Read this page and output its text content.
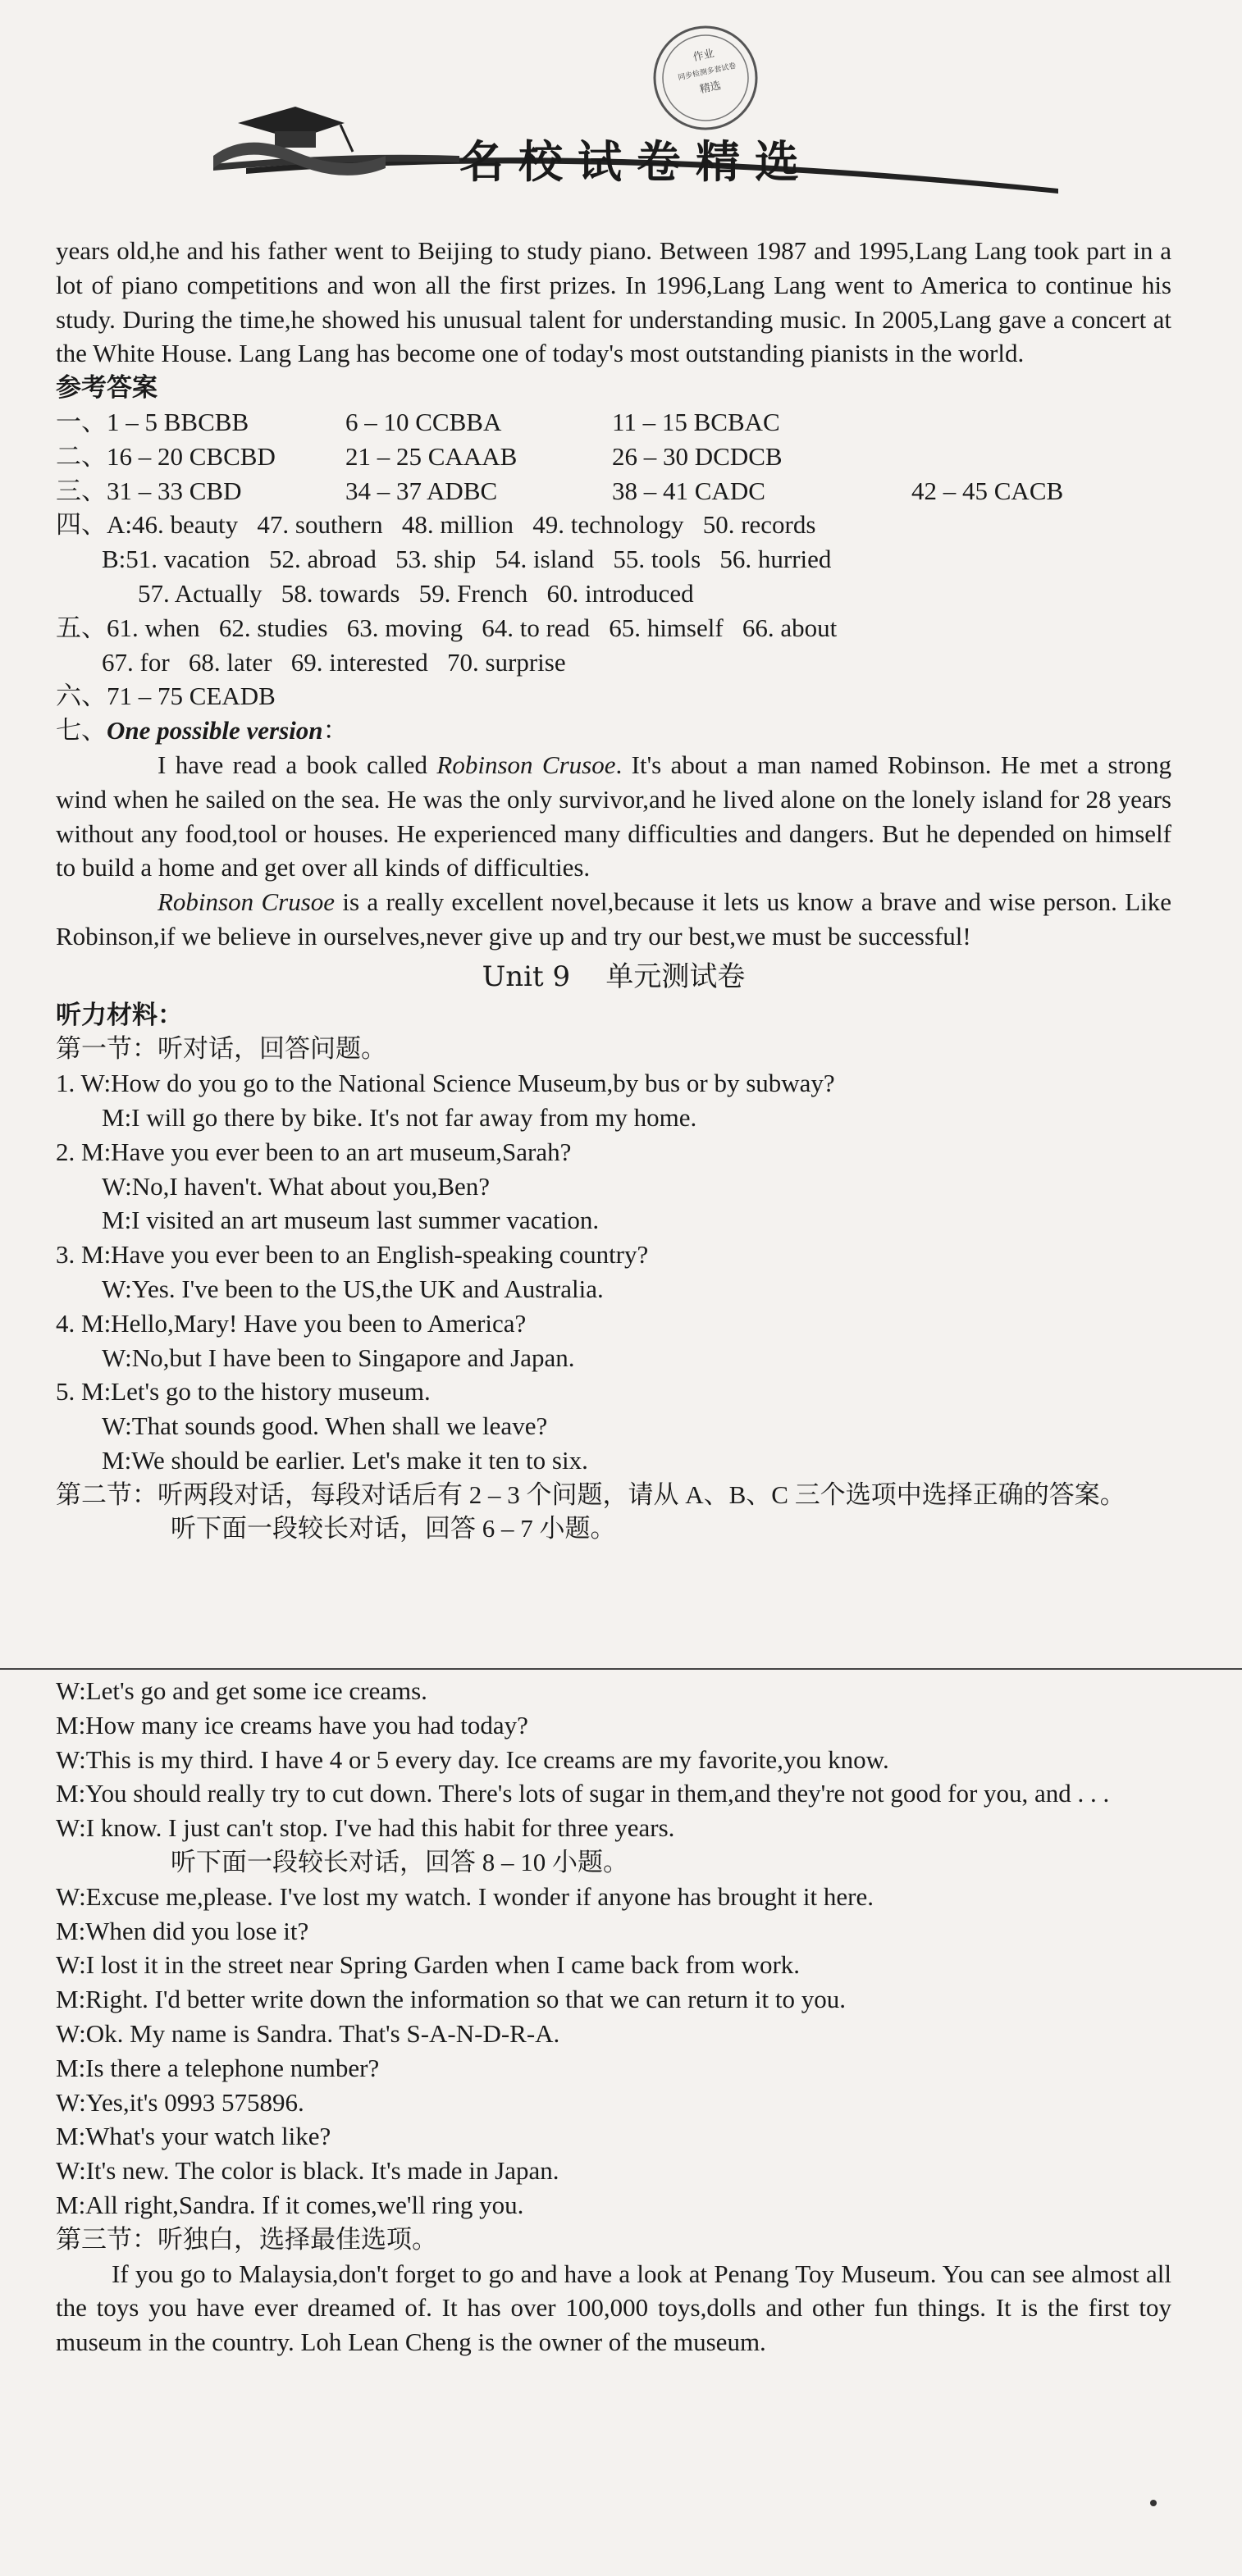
作业
同步检测多套试卷
精选
名校试卷精选

years old,he and his father went to Beijing to study piano. Between 1987 and 1995,Lang Lang took part in a lot of piano competitions and won all the first prizes. In 1996,Lang Lang went to America to continue his study. During the time,he showed his unusual talent for understanding music. In 2005,Lang gave a concert at the White House. Lang Lang has become one of today's most outstanding pianists in the world.

参考答案

一、1 – 5 BBCBB	6 – 10 CCBBA	11 – 15 BCBAC
二、16 – 20 CBCBD	21 – 25 CAAAB	26 – 30 DCDCB
三、31 – 33 CBD	34 – 37 ADBC	38 – 41 CADC	42 – 45 CACB

四、A:46. beauty   47. southern   48. million   49. technology   50. records

B:51. vacation   52. abroad   53. ship   54. island   55. tools   56. hurried

57. Actually   58. towards   59. French   60. introduced

五、61. when   62. studies   63. moving   64. to read   65. himself   66. about

67. for   68. later   69. interested   70. surprise

六、71 – 75 CEADB

七、One possible version：

I have read a book called Robinson Crusoe. It's about a man named Robinson. He met a strong wind when he sailed on the sea. He was the only survivor,and he lived alone on the lonely island for 28 years without any food,tool or houses. He experienced many difficulties and dangers. But he depended on himself to build a home and get over all kinds of difficulties.

Robinson Crusoe is a really excellent novel,because it lets us know a brave and wise person. Like Robinson,if we believe in ourselves,never give up and try our best,we must be successful!

Unit 9    单元测试卷

听力材料：

第一节：听对话，回答问题。

1. W:How do you go to the National Science Museum,by bus or by subway?

M:I will go there by bike. It's not far away from my home.

2. M:Have you ever been to an art museum,Sarah?

W:No,I haven't. What about you,Ben?

M:I visited an art museum last summer vacation.

3. M:Have you ever been to an English-speaking country?

W:Yes. I've been to the US,the UK and Australia.

4. M:Hello,Mary! Have you been to America?

W:No,but I have been to Singapore and Japan.

5. M:Let's go to the history museum.

W:That sounds good. When shall we leave?

M:We should be earlier. Let's make it ten to six.

第二节：听两段对话，每段对话后有 2 – 3 个问题，请从 A、B、C 三个选项中选择正确的答案。

听下面一段较长对话，回答 6 – 7 小题。

W:Let's go and get some ice creams.

M:How many ice creams have you had today?

W:This is my third. I have 4 or 5 every day. Ice creams are my favorite,you know.

M:You should really try to cut down. There's lots of sugar in them,and they're not good for you, and . . .

W:I know. I just can't stop. I've had this habit for three years.

听下面一段较长对话，回答 8 – 10 小题。

W:Excuse me,please. I've lost my watch. I wonder if anyone has brought it here.

M:When did you lose it?

W:I lost it in the street near Spring Garden when I came back from work.

M:Right. I'd better write down the information so that we can return it to you.

W:Ok. My name is Sandra. That's S-A-N-D-R-A.

M:Is there a telephone number?

W:Yes,it's 0993 575896.

M:What's your watch like?

W:It's new. The color is black. It's made in Japan.

M:All right,Sandra. If it comes,we'll ring you.

第三节：听独白，选择最佳选项。

If you go to Malaysia,don't forget to go and have a look at Penang Toy Museum. You can see almost all the toys you have ever dreamed of. It has over 100,000 toys,dolls and other fun things. It is the first toy museum in the country. Loh Lean Cheng is the owner of the museum.
